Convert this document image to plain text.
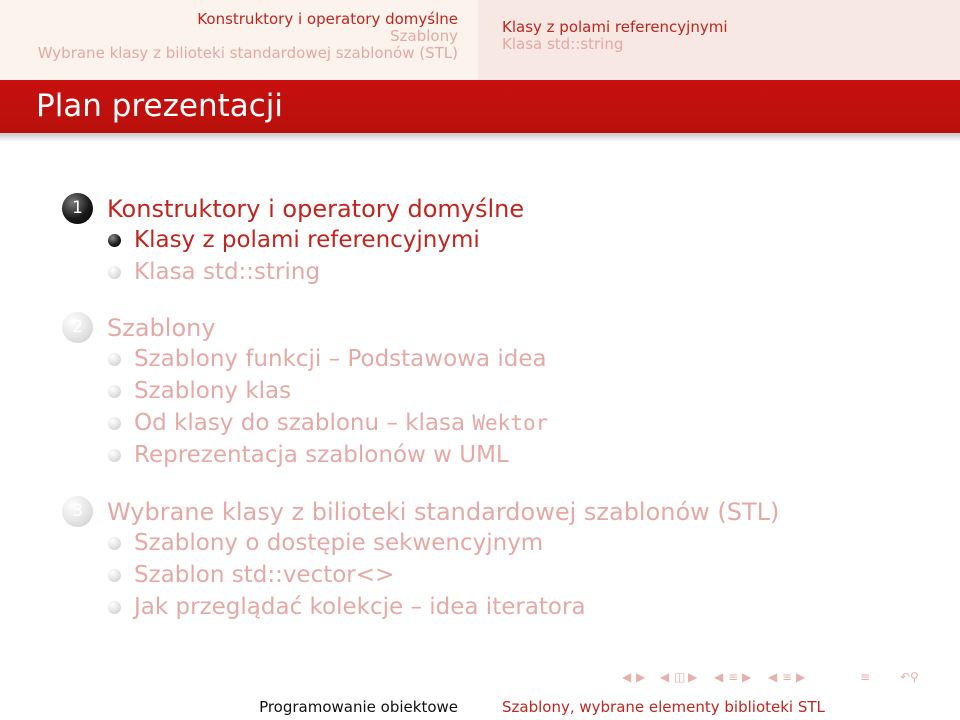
Konstruktory i operatory domyślne
Szablony
Wybrane klasy z bilioteki standardowej szablonów (STL)
Klasy z polami referencyjnymi
Klasa std::string
Plan prezentacji
1	Konstruktory i operatory domyślne
Klasy z polami referencyjnymi
Klasa std::string
2	Szablony
Szablony funkcji – Podstawowa idea
Szablony klas
Od klasy do szablonu – klasa Wektor
Reprezentacja szablonów w UML
3	Wybrane klasy z bilioteki standardowej szablonów (STL)
Szablony o dostępie sekwencyjnym
Szablon std::vector<>
Jak przeglądać kolekcje – idea iteratora
◀ ▶ ◀ ◫ ▶ ◀ ≡ ▶ ◀ ≡ ▶	≡ ↶⚲
Programowanie obiektowe	Szablony, wybrane elementy biblioteki STL
